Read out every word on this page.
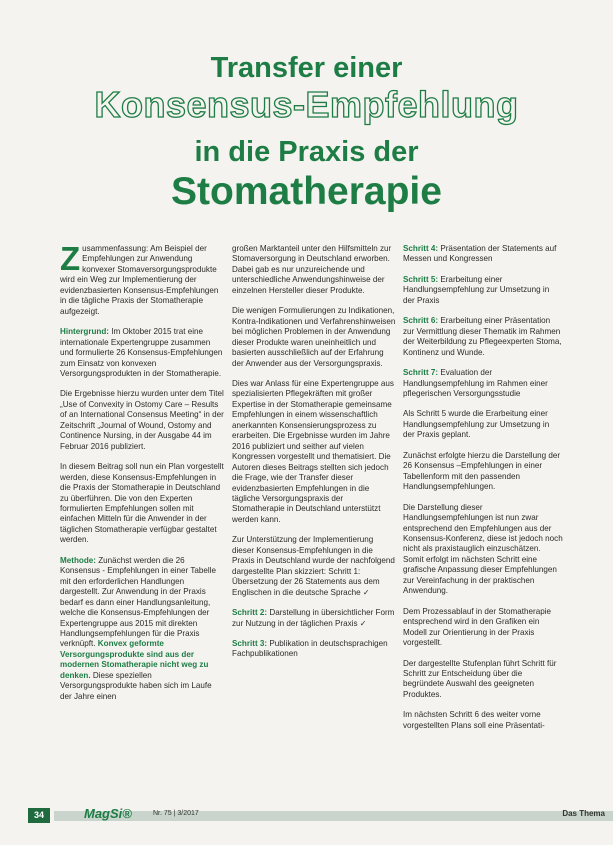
Transfer einer
Konsensus-Empfehlung
in die Praxis der
Stomatherapie

Zusammenfassung: Am Beispiel der Empfehlungen zur Anwendung konvexer Stomaversorgungsprodukte wird ein Weg zur Implementierung der evidenzbasierten Konsensus-Empfehlungen in die tägliche Praxis der Stomatherapie aufgezeigt.

Hintergrund: Im Oktober 2015 trat eine internationale Expertengruppe zusammen und formulierte 26 Konsensus-Empfehlungen zum Einsatz von konvexen Versorgungsprodukten in der Stomatherapie.

Die Ergebnisse hierzu wurden unter dem Titel „Use of Convexity in Ostomy Care – Results of an International Consensus Meeting“ in der Zeitschrift „Journal of Wound, Ostomy and Continence Nursing, in der Ausgabe 44 im Februar 2016 publiziert.

In diesem Beitrag soll nun ein Plan vorgestellt werden, diese Konsensus-Empfehlungen in die Praxis der Stomatherapie in Deutschland zu überführen. Die von den Experten formulierten Empfehlungen sollen mit einfachen Mitteln für die Anwender in der täglichen Stomatherapie verfügbar gestaltet werden.

Methode: Zunächst werden die 26 Konsensus - Empfehlungen in einer Tabelle mit den erforderlichen Handlungen dargestellt. Zur Anwendung in der Praxis bedarf es dann einer Handlungsanleitung, welche die Konsensus-Empfehlungen der Expertengruppe aus 2015 mit direkten Handlungsempfehlungen für die Praxis verknüpft. Konvex geformte Versorgungsprodukte sind aus der modernen Stomatherapie nicht weg zu denken. Diese speziellen Versorgungsprodukte haben sich im Laufe der Jahre einen

großen Marktanteil unter den Hilfsmitteln zur Stomaversorgung in Deutschland erworben. Dabei gab es nur unzureichende und unterschiedliche Anwendungshinweise der einzelnen Hersteller dieser Produkte.

Die wenigen Formulierungen zu Indikationen, Kontra-Indikationen und Verfahrenshinweisen bei möglichen Problemen in der Anwendung dieser Produkte waren uneinheitlich und basierten ausschließlich auf der Erfahrung der Anwender aus der Versorgungspraxis.

Dies war Anlass für eine Expertengruppe aus spezialisierten Pflegekräften mit großer Expertise in der Stomatherapie gemeinsame Empfehlungen in einem wissenschaftlich anerkannten Konsensierungsprozess zu erarbeiten. Die Ergebnisse wurden im Jahre 2016 publiziert und seither auf vielen Kongressen vorgestellt und thematisiert. Die Autoren dieses Beitrags stellten sich jedoch die Frage, wie der Transfer dieser evidenzbasierten Empfehlungen in die tägliche Versorgungspraxis der Stomatherapie in Deutschland unterstützt werden kann.

Zur Unterstützung der Implementierung dieser Konsensus-Empfehlungen in die Praxis in Deutschland wurde der nachfolgend dargestellte Plan skizziert: Schritt 1: Übersetzung der 26 Statements aus dem Englischen in die deutsche Sprache ✓

Schritt 2: Darstellung in übersichtlicher Form zur Nutzung in der täglichen Praxis ✓

Schritt 3: Publikation in deutschsprachigen Fachpublikationen

Schritt 4: Präsentation der Statements auf Messen und Kongressen

Schritt 5: Erarbeitung einer Handlungsempfehlung zur Umsetzung in der Praxis

Schritt 6: Erarbeitung einer Präsentation zur Vermittlung dieser Thematik im Rahmen der Weiterbildung zu Pflegeexperten Stoma, Kontinenz und Wunde.

Schritt 7: Evaluation der Handlungsempfehlung im Rahmen einer pflegerischen Versorgungsstudie

Als Schritt 5 wurde die Erarbeitung einer Handlungsempfehlung zur Umsetzung in der Praxis geplant.

Zunächst erfolgte hierzu die Darstellung der 26 Konsensus –Empfehlungen in einer Tabellenform mit den passenden Handlungsempfehlungen.

Die Darstellung dieser Handlungsempfehlungen ist nun zwar entsprechend den Empfehlungen aus der Konsensus-Konferenz, diese ist jedoch noch nicht als praxistauglich einzuschätzen. Somit erfolgt im nächsten Schritt eine grafische Anpassung dieser Empfehlungen zur Vereinfachung in der praktischen Anwendung.

Dem Prozessablauf in der Stomatherapie entsprechend wird in den Grafiken ein Modell zur Orientierung in der Praxis vorgestellt.

Der dargestellte Stufenplan führt Schritt für Schritt zur Entscheidung über die begründete Auswahl des geeigneten Produktes.

Im nächsten Schritt 6 des weiter vorne vorgestellten Plans soll eine Präsentati-

34	MagSi®	Nr. 75 | 3/2017	Das Thema
